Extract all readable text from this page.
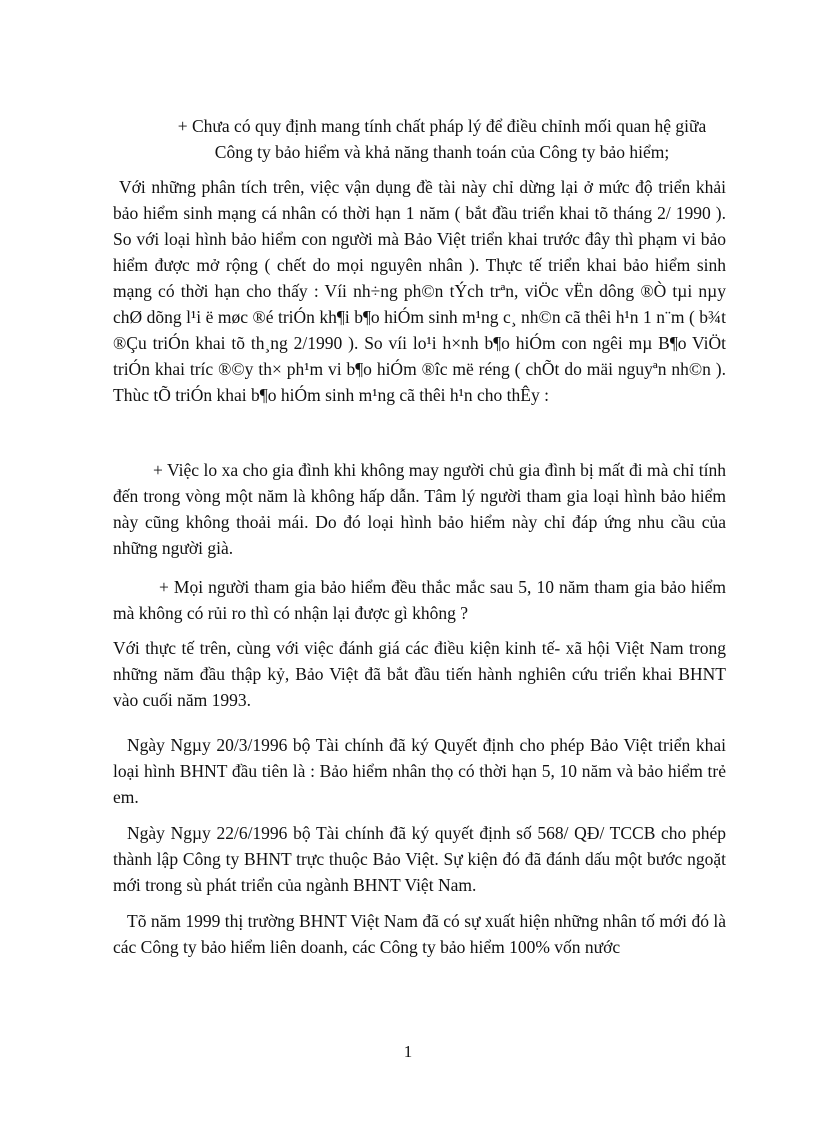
+ Chưa có quy định mang tính chất pháp lý để điều chỉnh mối quan hệ giữa Công ty bảo hiểm và khả năng thanh toán của Công ty bảo hiểm;

Với những phân tích trên, việc vận dụng đề tài này chỉ dừng lại ở mức độ triển khải bảo hiểm sinh mạng cá nhân có thời hạn 1 năm ( bắt đầu triển khai tõ tháng 2/ 1990 ). So với loại hình bảo hiểm con người mà Bảo Việt triển khai trước đây thì phạm vi bảo hiểm được mở rộng ( chết do mọi nguyên nhân ). Thực tế triển khai bảo hiểm sinh mạng có thời hạn cho thấy : Víi nh÷ng ph©n tÝch trªn, viÖc vËn dông ®Ò tµi nµy chØ dõng l¹i ë møc ®é triÓn kh¶i b¶o hiÓm sinh m¹ng c¸ nh©n cã thêi h¹n 1 n¨m ( b¾t ®Çu triÓn khai tõ th¸ng 2/1990 ). So víi lo¹i h×nh b¶o hiÓm con ngêi mµ B¶o ViÖt triÓn khai tríc ®©y th× ph¹m vi b¶o hiÓm ®îc më réng ( chÕt do mäi nguyªn nh©n ). Thùc tÕ triÓn khai b¶o hiÓm sinh m¹ng cã thêi h¹n cho thÊy :

+ Việc lo xa cho gia đình khi không may người chủ gia đình bị mất đi mà chỉ tính đến trong vòng một năm là không hấp dẫn. Tâm lý người tham gia loại hình bảo hiểm này cũng không thoải mái. Do đó loại hình bảo hiểm này chỉ đáp ứng nhu cầu của những người già.

+ Mọi người tham gia bảo hiểm đều thắc mắc sau 5, 10 năm tham gia bảo hiểm mà không có rủi ro thì có nhận lại được gì không ?

Với thực tế trên, cùng với việc đánh giá các điều kiện kinh tế- xã hội Việt Nam trong những năm đầu thập kỷ, Bảo Việt đã bắt đầu tiến hành nghiên cứu triển khai BHNT vào cuối năm 1993.

Ngày Ngµy 20/3/1996 bộ Tài chính đã ký Quyết định cho phép Bảo Việt triển khai loại hình BHNT đầu tiên là : Bảo hiểm nhân thọ có thời hạn 5, 10 năm và bảo hiểm trẻ em.

Ngày Ngµy 22/6/1996 bộ Tài chính đã ký quyết định số 568/ QĐ/ TCCB cho phép thành lập Công ty BHNT trực thuộc Bảo Việt. Sự kiện đó đã đánh dấu một bước ngoặt mới trong sù phát triển của ngành BHNT Việt Nam.

Tõ năm 1999 thị trường BHNT Việt Nam đã có sự xuất hiện những nhân tố mới đó là các Công ty bảo hiểm liên doanh, các Công ty bảo hiểm 100% vốn nước

1
